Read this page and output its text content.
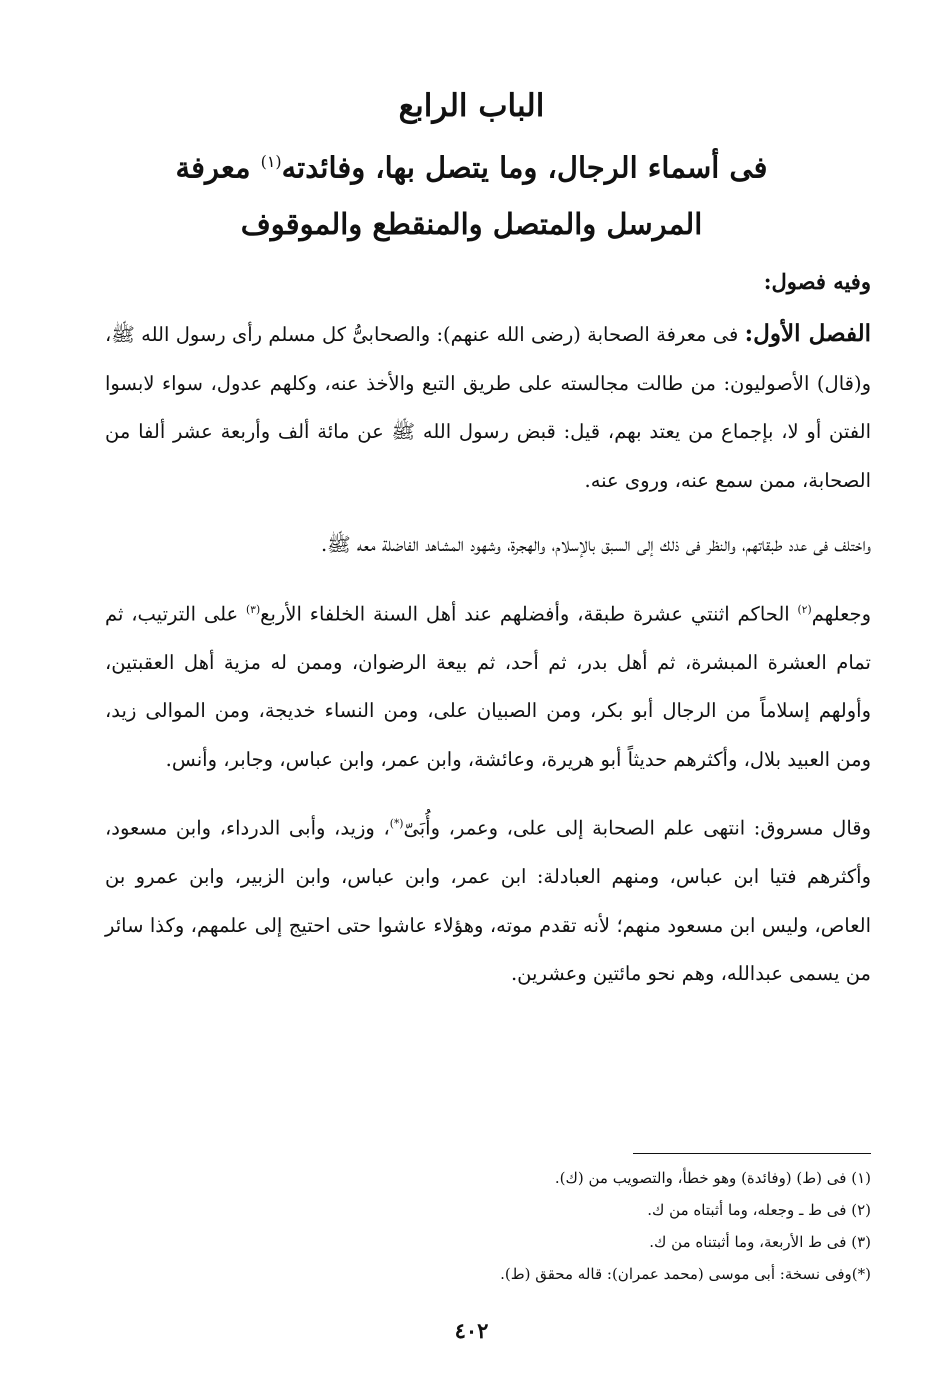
الباب الرابع
فى أسماء الرجال، وما يتصل بها، وفائدته$^{(١)}$ معرفة
المرسل والمتصل والمنقطع والموقوف
وفيه فصول:

الفصل الأول: فى معرفة الصحابة (رضى الله عنهم): والصحابىُّ كل مسلم رأى رسول الله ﷺ، و(قال) الأصوليون: من طالت مجالسته على طريق التبع والأخذ عنه، وكلهم عدول، سواء لابسوا الفتن أو لا، بإجماع من يعتد بهم، قيل: قبض رسول الله ﷺ عن مائة ألف وأربعة عشر ألفا من الصحابة، ممن سمع عنه، وروى عنه.

واختلف فى عدد طبقاتهم، والنظر فى ذلك إلى السبق بالإسلام، والهجرة، وشهود المشاهد الفاضلة معه ﷺ.

وجعلهم$^{(٢)}$ الحاكم اثنتي عشرة طبقة، وأفضلهم عند أهل السنة الخلفاء الأربع$^{(٣)}$ على الترتيب، ثم تمام العشرة المبشرة، ثم أهل بدر، ثم أحد، ثم بيعة الرضوان، وممن له مزية أهل العقبتين، وأولهم إسلاماً من الرجال أبو بكر، ومن الصبيان على، ومن النساء خديجة، ومن الموالى زيد، ومن العبيد بلال، وأكثرهم حديثاً أبو هريرة، وعائشة، وابن عمر، وابن عباس، وجابر، وأنس.

وقال مسروق: انتهى علم الصحابة إلى على، وعمر، وأُبَىّ(*)، وزيد، وأبى الدرداء، وابن مسعود، وأكثرهم فتيا ابن عباس، ومنهم العبادلة: ابن عمر، وابن عباس، وابن الزبير، وابن عمرو بن العاص، وليس ابن مسعود منهم؛ لأنه تقدم موته، وهؤلاء عاشوا حتى احتيج إلى علمهم، وكذا سائر من يسمى عبدالله، وهم نحو مائتين وعشرين.

(١) فى (ط) (وفائدة) وهو خطأ، والتصويب من (ك).
(٢) فى ط ـ وجعله، وما أثبتاه من ك.
(٣) فى ط الأربعة، وما أثبتناه من ك.
(*)وفى نسخة: أبى موسى (محمد عمران): قاله محقق (ط).
٤٠٢
